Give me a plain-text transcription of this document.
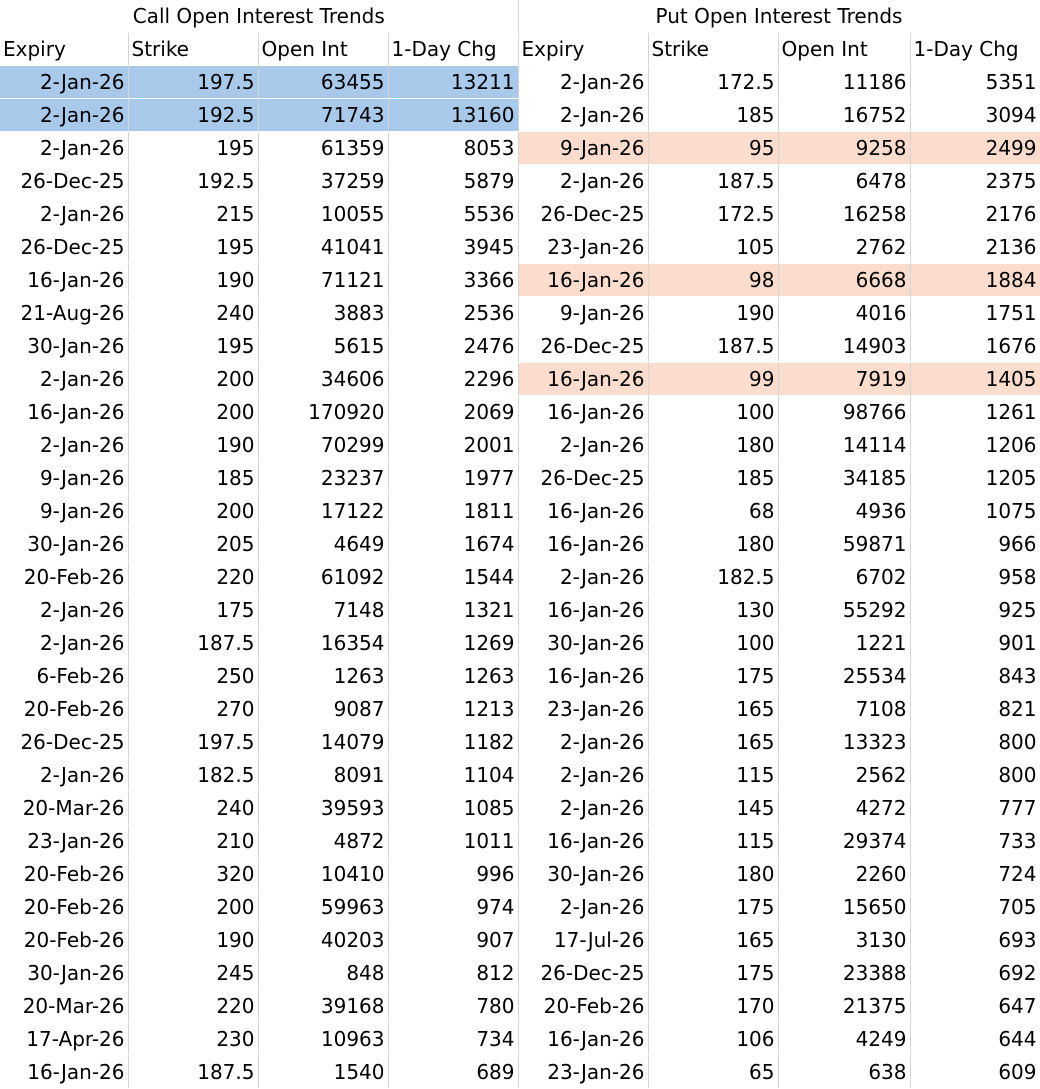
Call Open Interest Trends				Put Open Interest Trends			
Expiry	Strike	Open Int	1-Day Chg	Expiry	Strike	Open Int	1-Day Chg
2-Jan-26	197.5	63455	13211	2-Jan-26	172.5	11186	5351
2-Jan-26	192.5	71743	13160	2-Jan-26	185	16752	3094
2-Jan-26	195	61359	8053	9-Jan-26	95	9258	2499
26-Dec-25	192.5	37259	5879	2-Jan-26	187.5	6478	2375
2-Jan-26	215	10055	5536	26-Dec-25	172.5	16258	2176
26-Dec-25	195	41041	3945	23-Jan-26	105	2762	2136
16-Jan-26	190	71121	3366	16-Jan-26	98	6668	1884
21-Aug-26	240	3883	2536	9-Jan-26	190	4016	1751
30-Jan-26	195	5615	2476	26-Dec-25	187.5	14903	1676
2-Jan-26	200	34606	2296	16-Jan-26	99	7919	1405
16-Jan-26	200	170920	2069	16-Jan-26	100	98766	1261
2-Jan-26	190	70299	2001	2-Jan-26	180	14114	1206
9-Jan-26	185	23237	1977	26-Dec-25	185	34185	1205
9-Jan-26	200	17122	1811	16-Jan-26	68	4936	1075
30-Jan-26	205	4649	1674	16-Jan-26	180	59871	966
20-Feb-26	220	61092	1544	2-Jan-26	182.5	6702	958
2-Jan-26	175	7148	1321	16-Jan-26	130	55292	925
2-Jan-26	187.5	16354	1269	30-Jan-26	100	1221	901
6-Feb-26	250	1263	1263	16-Jan-26	175	25534	843
20-Feb-26	270	9087	1213	23-Jan-26	165	7108	821
26-Dec-25	197.5	14079	1182	2-Jan-26	165	13323	800
2-Jan-26	182.5	8091	1104	2-Jan-26	115	2562	800
20-Mar-26	240	39593	1085	2-Jan-26	145	4272	777
23-Jan-26	210	4872	1011	16-Jan-26	115	29374	733
20-Feb-26	320	10410	996	30-Jan-26	180	2260	724
20-Feb-26	200	59963	974	2-Jan-26	175	15650	705
20-Feb-26	190	40203	907	17-Jul-26	165	3130	693
30-Jan-26	245	848	812	26-Dec-25	175	23388	692
20-Mar-26	220	39168	780	20-Feb-26	170	21375	647
17-Apr-26	230	10963	734	16-Jan-26	106	4249	644
16-Jan-26	187.5	1540	689	23-Jan-26	65	638	609
